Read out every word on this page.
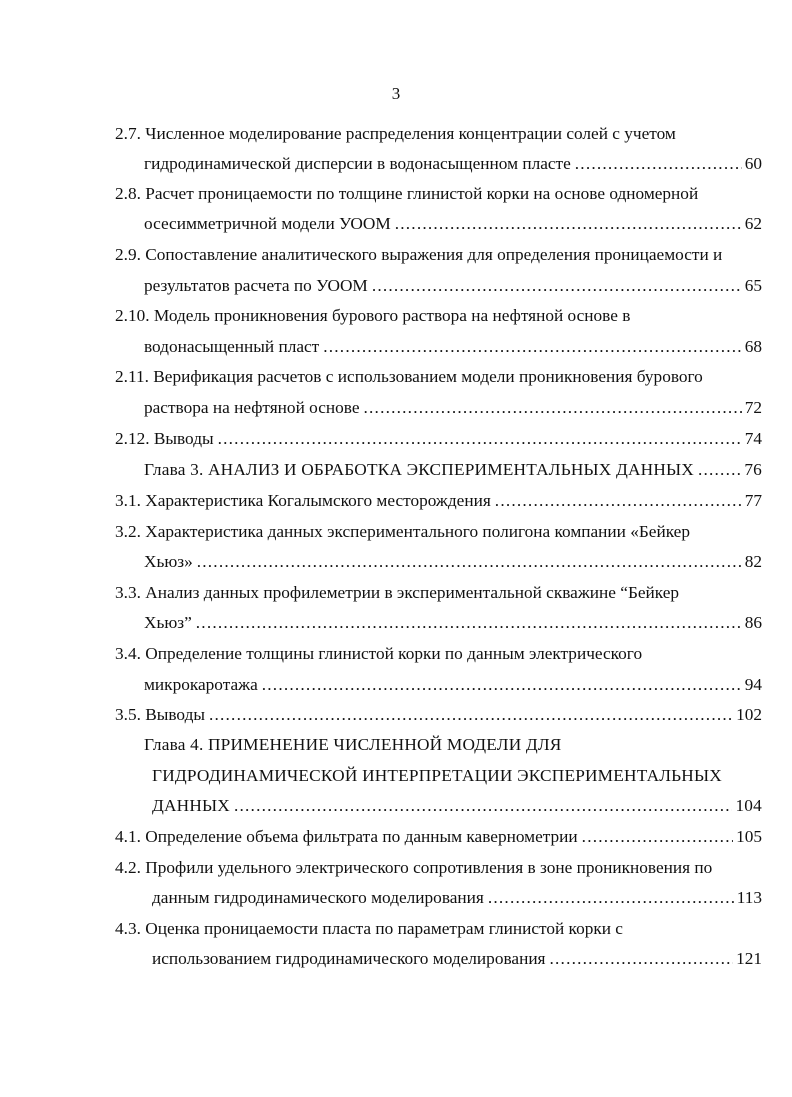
3
2.7. Численное моделирование распределения концентрации солей с учетом
гидродинамической дисперсии в водонасыщенном пласте .....	60
2.8. Расчет проницаемости по толщине глинистой корки на основе одномерной
осесимметричной модели УООМ .....	62
2.9. Сопоставление аналитического выражения для определения проницаемости и
результатов расчета по УООМ .....	65
2.10. Модель проникновения бурового раствора на нефтяной основе в
водонасыщенный пласт .....	68
2.11. Верификация расчетов с использованием модели проникновения бурового
раствора на нефтяной основе .....	72
2.12. Выводы .....	74
Глава 3. АНАЛИЗ И ОБРАБОТКА ЭКСПЕРИМЕНТАЛЬНЫХ ДАННЫХ .....	76
3.1. Характеристика Когалымского месторождения .....	77
3.2. Характеристика данных экспериментального полигона компании «Бейкер
Хьюз» .....	82
3.3. Анализ данных профилеметрии в экспериментальной скважине “Бейкер
Хьюз” .....	86
3.4. Определение толщины глинистой корки по данным электрического
микрокаротажа .....	94
3.5. Выводы .....	102
Глава 4. ПРИМЕНЕНИЕ ЧИСЛЕННОЙ МОДЕЛИ ДЛЯ
ГИДРОДИНАМИЧЕСКОЙ ИНТЕРПРЕТАЦИИ ЭКСПЕРИМЕНТАЛЬНЫХ
ДАННЫХ .....	104
4.1. Определение объема фильтрата по данным кавернометрии .....	105
4.2. Профили удельного электрического сопротивления в зоне проникновения по
данным гидродинамического моделирования .....	113
4.3. Оценка проницаемости пласта по параметрам глинистой корки с
использованием гидродинамического моделирования .....	121
